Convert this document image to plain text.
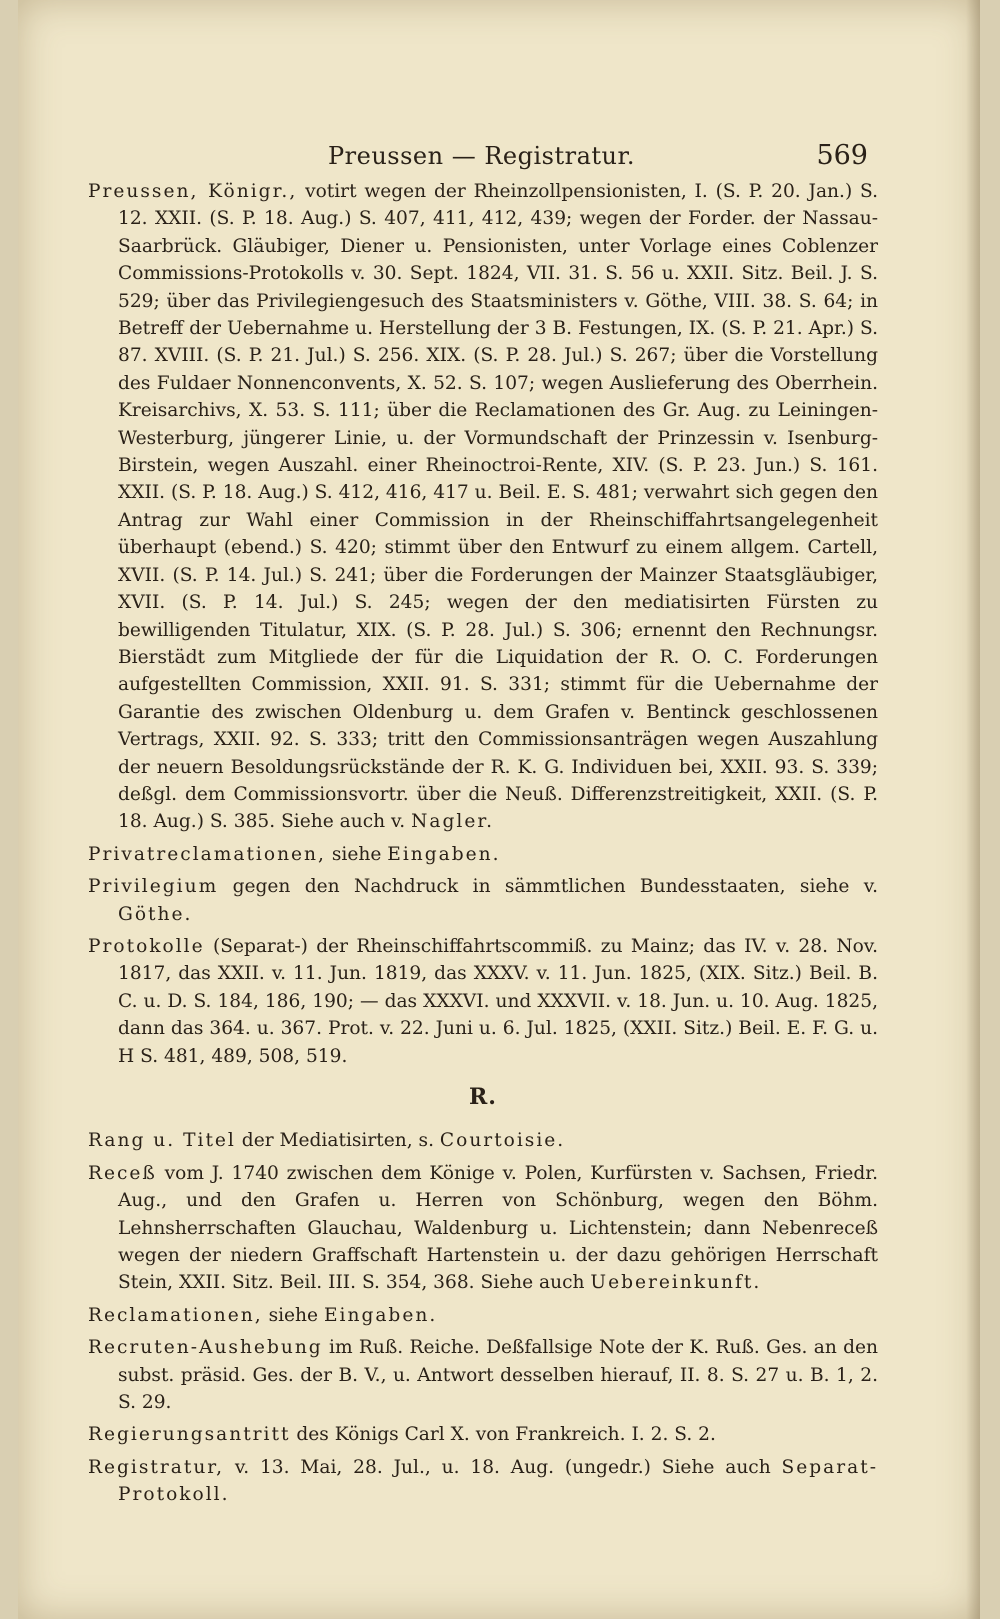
Preussen — Registratur.	569

Preussen, Königr., votirt wegen der Rheinzollpensionisten, I. (S. P. 20. Jan.) S. 12. XXII. (S. P. 18. Aug.) S. 407, 411, 412, 439; wegen der Forder. der Nassau-Saarbrück. Gläubiger, Diener u. Pensionisten, unter Vorlage eines Coblenzer Commissions-Protokolls v. 30. Sept. 1824, VII. 31. S. 56 u. XXII. Sitz. Beil. J. S. 529; über das Privilegiengesuch des Staatsministers v. Göthe, VIII. 38. S. 64; in Betreff der Uebernahme u. Herstellung der 3 B. Festungen, IX. (S. P. 21. Apr.) S. 87. XVIII. (S. P. 21. Jul.) S. 256. XIX. (S. P. 28. Jul.) S. 267; über die Vorstellung des Fuldaer Nonnenconvents, X. 52. S. 107; wegen Auslieferung des Oberrhein. Kreisarchivs, X. 53. S. 111; über die Reclamationen des Gr. Aug. zu Leiningen-Westerburg, jüngerer Linie, u. der Vormundschaft der Prinzessin v. Isenburg-Birstein, wegen Auszahl. einer Rheinoctroi-Rente, XIV. (S. P. 23. Jun.) S. 161. XXII. (S. P. 18. Aug.) S. 412, 416, 417 u. Beil. E. S. 481; verwahrt sich gegen den Antrag zur Wahl einer Commission in der Rheinschiffahrtsangelegenheit überhaupt (ebend.) S. 420; stimmt über den Entwurf zu einem allgem. Cartell, XVII. (S. P. 14. Jul.) S. 241; über die Forderungen der Mainzer Staatsgläubiger, XVII. (S. P. 14. Jul.) S. 245; wegen der den mediatisirten Fürsten zu bewilligenden Titulatur, XIX. (S. P. 28. Jul.) S. 306; ernennt den Rechnungsr. Bierstädt zum Mitgliede der für die Liquidation der R. O. C. Forderungen aufgestellten Commission, XXII. 91. S. 331; stimmt für die Uebernahme der Garantie des zwischen Oldenburg u. dem Grafen v. Bentinck geschlossenen Vertrags, XXII. 92. S. 333; tritt den Commissionsanträgen wegen Auszahlung der neuern Besoldungsrückstände der R. K. G. Individuen bei, XXII. 93. S. 339; deßgl. dem Commissionsvortr. über die Neuß. Differenzstreitigkeit, XXII. (S. P. 18. Aug.) S. 385. Siehe auch v. Nagler.

Privatreclamationen, siehe Eingaben.

Privilegium gegen den Nachdruck in sämmtlichen Bundesstaaten, siehe v. Göthe.

Protokolle (Separat-) der Rheinschiffahrtscommiß. zu Mainz; das IV. v. 28. Nov. 1817, das XXII. v. 11. Jun. 1819, das XXXV. v. 11. Jun. 1825, (XIX. Sitz.) Beil. B. C. u. D. S. 184, 186, 190; — das XXXVI. und XXXVII. v. 18. Jun. u. 10. Aug. 1825, dann das 364. u. 367. Prot. v. 22. Juni u. 6. Jul. 1825, (XXII. Sitz.) Beil. E. F. G. u. H S. 481, 489, 508, 519.

R.

Rang u. Titel der Mediatisirten, s. Courtoisie.

Receß vom J. 1740 zwischen dem Könige v. Polen, Kurfürsten v. Sachsen, Friedr. Aug., und den Grafen u. Herren von Schönburg, wegen den Böhm. Lehnsherrschaften Glauchau, Waldenburg u. Lichtenstein; dann Nebenreceß wegen der niedern Graffschaft Hartenstein u. der dazu gehörigen Herrschaft Stein, XXII. Sitz. Beil. III. S. 354, 368. Siehe auch Uebereinkunft.

Reclamationen, siehe Eingaben.

Recruten-Aushebung im Ruß. Reiche. Deßfallsige Note der K. Ruß. Ges. an den subst. präsid. Ges. der B. V., u. Antwort desselben hierauf, II. 8. S. 27 u. B. 1, 2. S. 29.

Regierungsantritt des Königs Carl X. von Frankreich. I. 2. S. 2.

Registratur, v. 13. Mai, 28. Jul., u. 18. Aug. (ungedr.) Siehe auch Separat-Protokoll.
